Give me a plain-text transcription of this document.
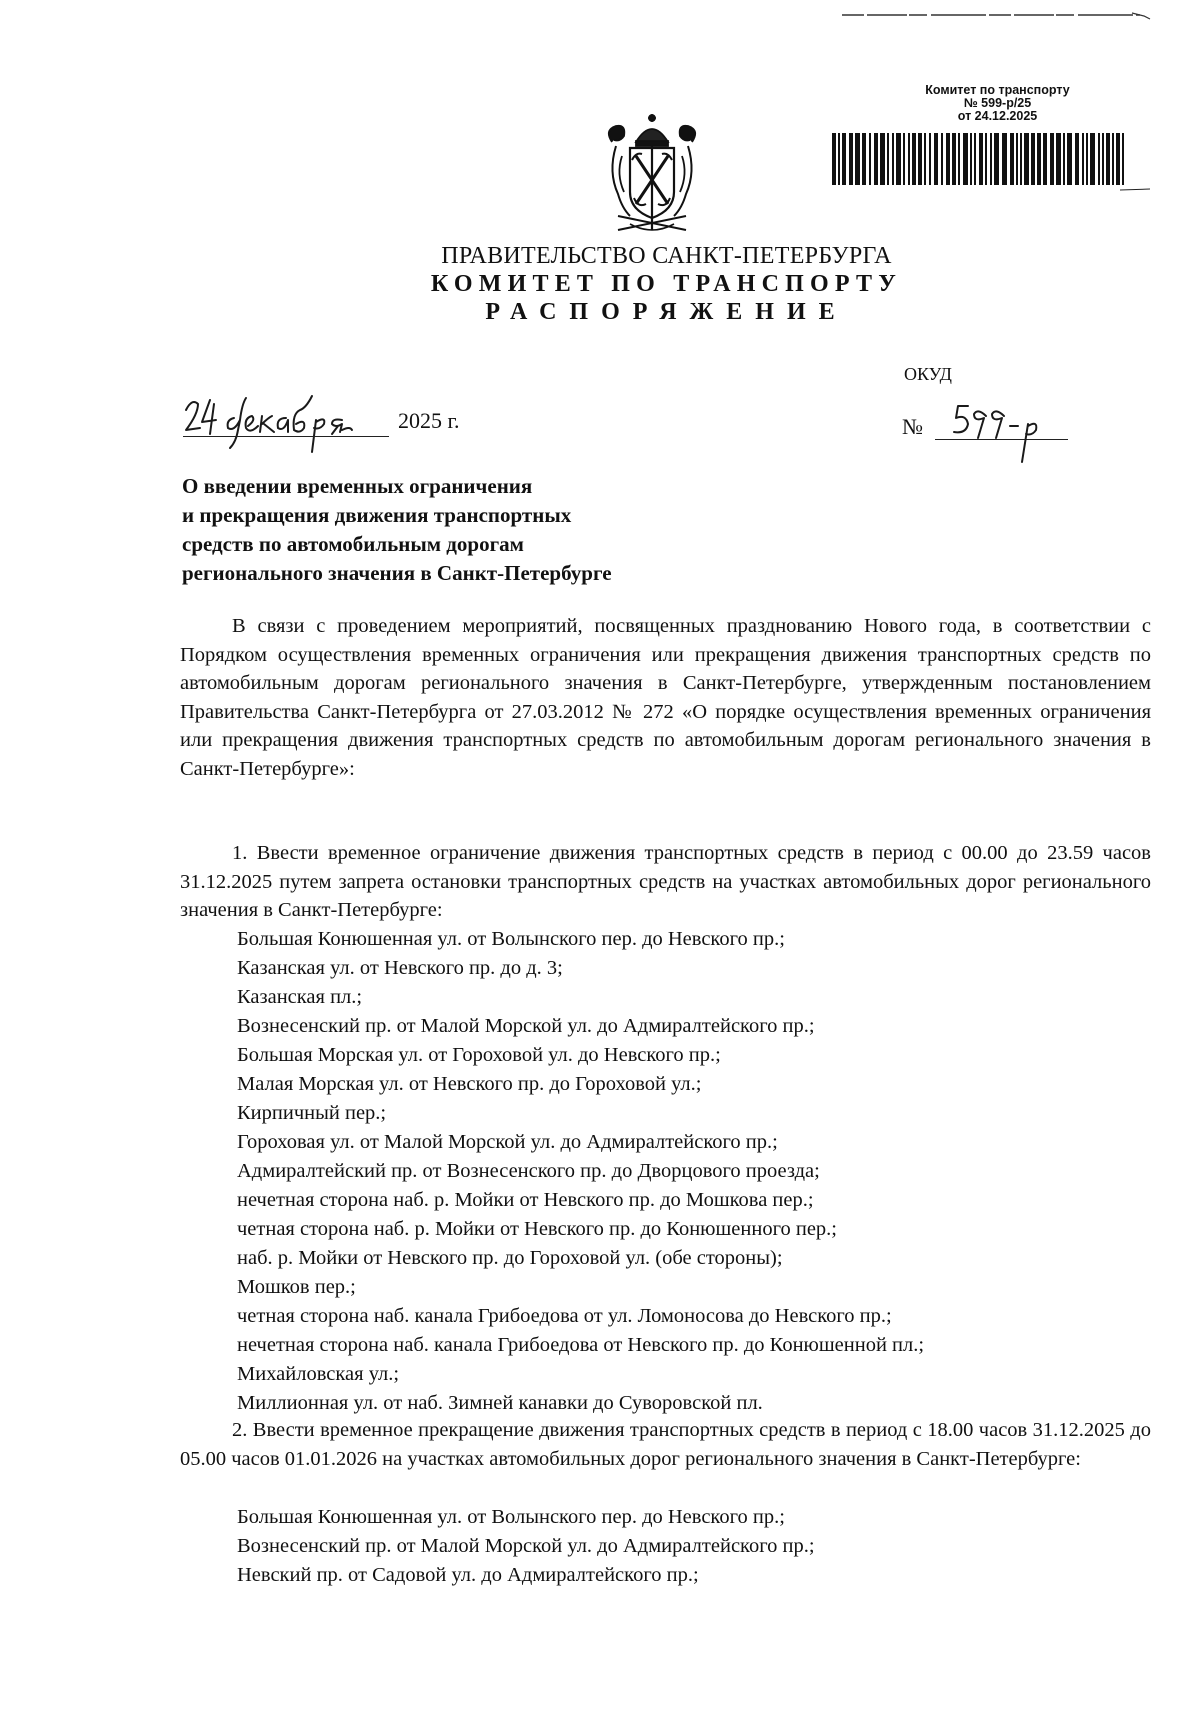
Комитет по транспорту
№ 599-р/25
от 24.12.2025
ПРАВИТЕЛЬСТВО САНКТ-ПЕТЕРБУРГА
КОМИТЕТ ПО ТРАНСПОРТУ
РАСПОРЯЖЕНИЕ
ОКУД
2025 г.	№
О введении временных ограничения
и прекращения движения транспортных
средств по автомобильным дорогам
регионального значения в Санкт-Петербурге
В связи с проведением мероприятий, посвященных празднованию Нового года, в соответствии с Порядком осуществления временных ограничения или прекращения движения транспортных средств по автомобильным дорогам регионального значения в Санкт-Петербурге, утвержденным постановлением Правительства Санкт-Петербурга от 27.03.2012 № 272 «О порядке осуществления временных ограничения или прекращения движения транспортных средств по автомобильным дорогам регионального значения в Санкт-Петербурге»:
1. Ввести временное ограничение движения транспортных средств в период с 00.00 до 23.59 часов 31.12.2025 путем запрета остановки транспортных средств на участках автомобильных дорог регионального значения в Санкт-Петербурге:
Большая Конюшенная ул. от Волынского пер. до Невского пр.;
Казанская ул. от Невского пр. до д. 3;
Казанская пл.;
Вознесенский пр. от Малой Морской ул. до Адмиралтейского пр.;
Большая Морская ул. от Гороховой ул. до Невского пр.;
Малая Морская ул. от Невского пр. до Гороховой ул.;
Кирпичный пер.;
Гороховая ул. от Малой Морской ул. до Адмиралтейского пр.;
Адмиралтейский пр. от Вознесенского пр. до Дворцового проезда;
нечетная сторона наб. р. Мойки от Невского пр. до Мошкова пер.;
четная сторона наб. р. Мойки от Невского пр. до Конюшенного пер.;
наб. р. Мойки от Невского пр. до Гороховой ул. (обе стороны);
Мошков пер.;
четная сторона наб. канала Грибоедова от ул. Ломоносова до Невского пр.;
нечетная сторона наб. канала Грибоедова от Невского пр. до Конюшенной пл.;
Михайловская ул.;
Миллионная ул. от наб. Зимней канавки до Суворовской пл.
2. Ввести временное прекращение движения транспортных средств в период с 18.00 часов 31.12.2025 до 05.00 часов 01.01.2026 на участках автомобильных дорог регионального значения в Санкт-Петербурге:
Большая Конюшенная ул. от Волынского пер. до Невского пр.;
Вознесенский пр. от Малой Морской ул. до Адмиралтейского пр.;
Невский пр. от Садовой ул. до Адмиралтейского пр.;
